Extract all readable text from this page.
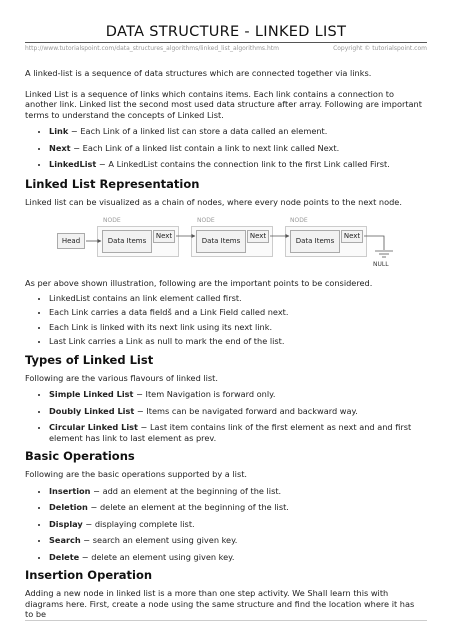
DATA STRUCTURE - LINKED LIST
http://www.tutorialspoint.com/data_structures_algorithms/linked_list_algorithms.htm	Copyright © tutorialspoint.com

A linked-list is a sequence of data structures which are connected together via links.

Linked List is a sequence of links which contains items. Each link contains a connection to another link. Linked list the second most used data structure after array. Following are important terms to understand the concepts of Linked List.

• Link − Each Link of a linked list can store a data called an element.
• Next − Each Link of a linked list contain a link to next link called Next.
• LinkedList − A LinkedList contains the connection link to the first Link called First.
Linked List Representation

Linked list can be visualized as a chain of nodes, where every node points to the next node.

NODE	NODE	NODE
Head	Data Items
Next
Data Items
Next
Data Items
Next
NULL

As per above shown illustration, following are the important points to be considered.

• LinkedList contains an link element called first.
• Each Link carries a data fieldš and a Link Field called next.
• Each Link is linked with its next link using its next link.
• Last Link carries a Link as null to mark the end of the list.
Types of Linked List

Following are the various flavours of linked list.

• Simple Linked List − Item Navigation is forward only.
• Doubly Linked List − Items can be navigated forward and backward way.
• Circular Linked List − Last item contains link of the first element as next and and first element has link to last element as prev.
Basic Operations

Following are the basic operations supported by a list.

• Insertion − add an element at the beginning of the list.
• Deletion − delete an element at the beginning of the list.
• Display − displaying complete list.
• Search − search an element using given key.
• Delete − delete an element using given key.
Insertion Operation

Adding a new node in linked list is a more than one step activity. We Shall learn this with diagrams here. First, create a node using the same structure and find the location where it has to be
